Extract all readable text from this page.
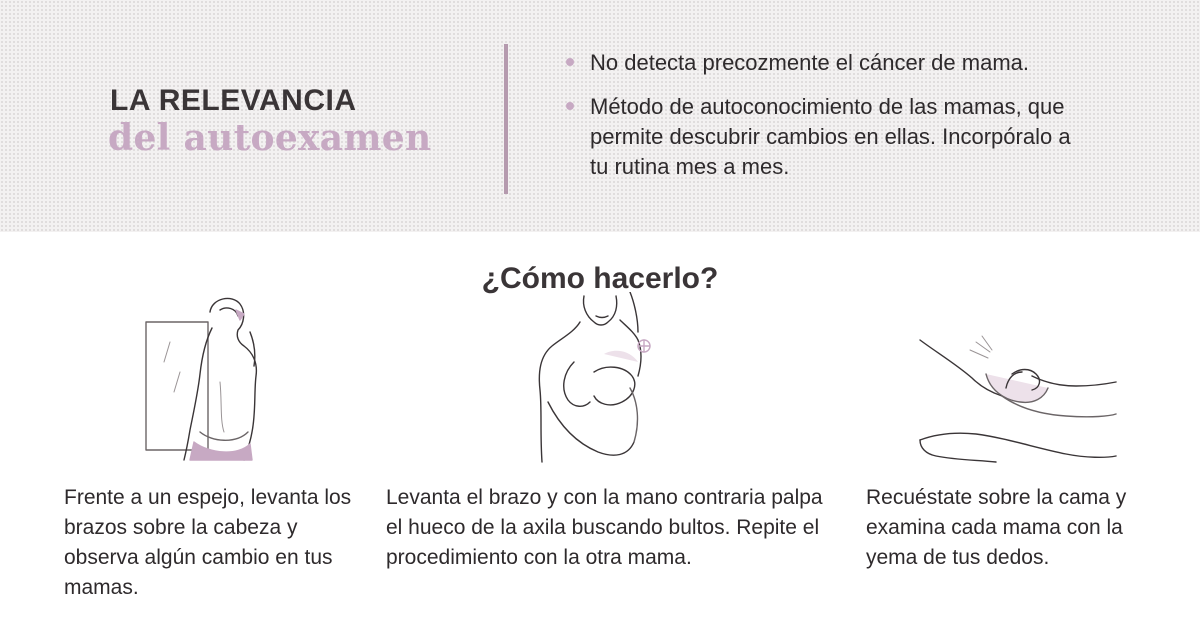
LA RELEVANCIA
del autoexamen
No detecta precozmente el cáncer de mama.
Método de autoconocimiento de las mamas, que permite descubrir cambios en ellas. Incorpóralo a tu rutina mes a mes.
¿Cómo hacerlo?
Frente a un espejo, levanta los brazos sobre la cabeza y observa algún cambio en tus mamas.
Levanta el brazo y con la mano contraria palpa el hueco de la axila buscando bultos. Repite el procedimiento con la otra mama.
Recuéstate sobre la cama y examina cada mama con la yema de tus dedos.
